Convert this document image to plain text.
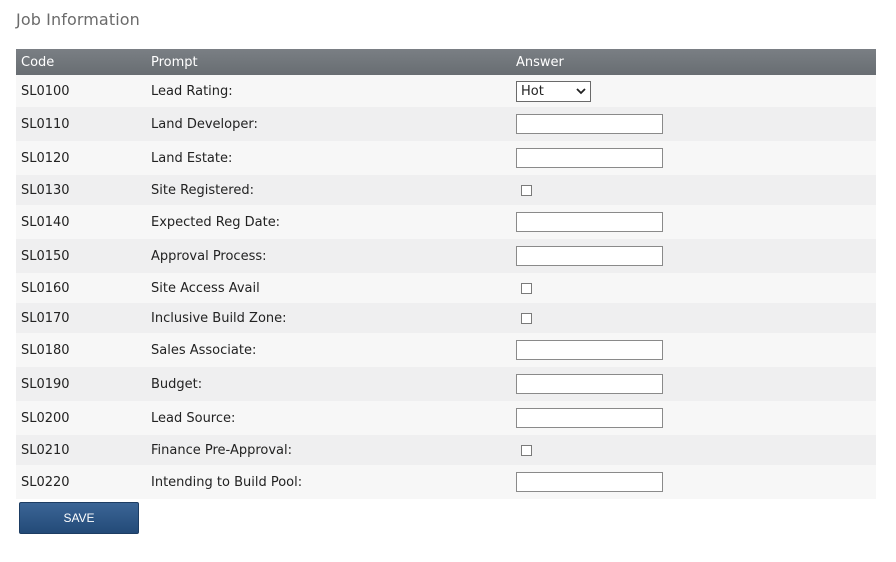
Job Information
Code	Prompt	Answer
SL0100	Lead Rating:	Hot
SL0110	Land Developer:
SL0120	Land Estate:
SL0130	Site Registered:
SL0140	Expected Reg Date:
SL0150	Approval Process:
SL0160	Site Access Avail
SL0170	Inclusive Build Zone:
SL0180	Sales Associate:
SL0190	Budget:
SL0200	Lead Source:
SL0210	Finance Pre-Approval:
SL0220	Intending to Build Pool:
SAVE
